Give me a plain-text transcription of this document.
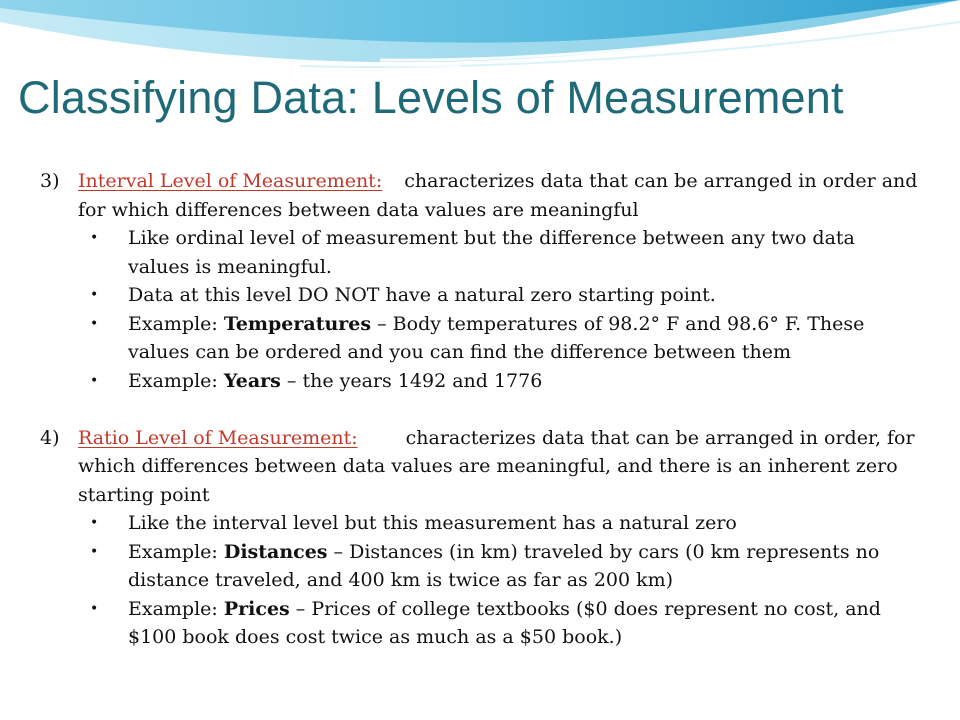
Classifying Data: Levels of Measurement
3) Interval Level of Measurement: characterizes data that can be arranged in order and for which differences between data values are meaningful
• Like ordinal level of measurement but the difference between any two data values is meaningful.
• Data at this level DO NOT have a natural zero starting point.
• Example: Temperatures – Body temperatures of 98.2° F and 98.6° F. These values can be ordered and you can find the difference between them
• Example: Years – the years 1492 and 1776
4) Ratio Level of Measurement:	characterizes data that can be arranged in order, for which differences between data values are meaningful, and there is an inherent zero starting point
• Like the interval level but this measurement has a natural zero
• Example: Distances – Distances (in km) traveled by cars (0 km represents no distance traveled, and 400 km is twice as far as 200 km)
• Example: Prices – Prices of college textbooks ($0 does represent no cost, and $100 book does cost twice as much as a $50 book.)
